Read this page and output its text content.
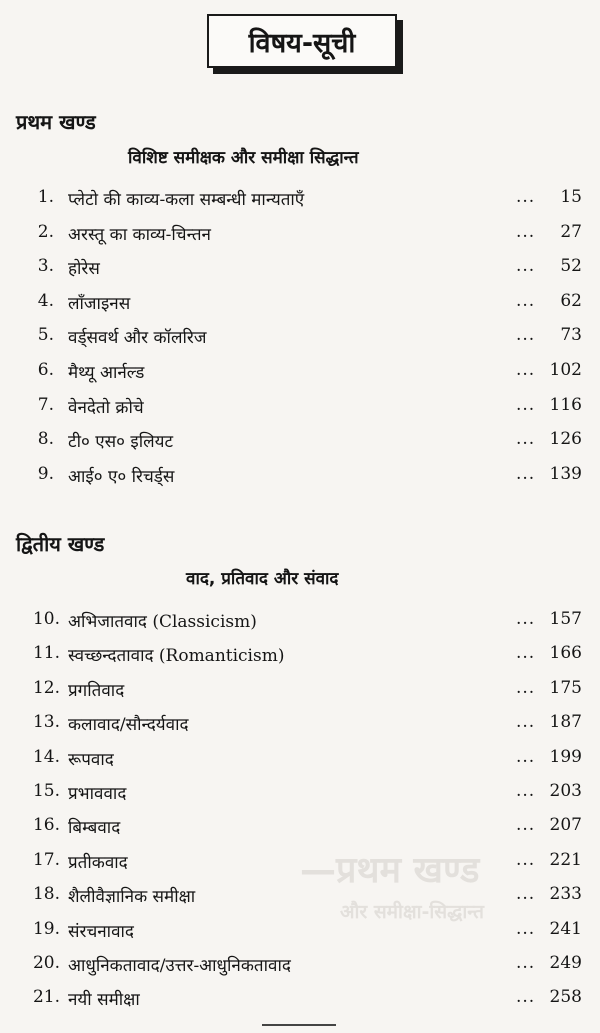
विषय-सूची
प्रथम खण्ड
विशिष्ट समीक्षक और समीक्षा सिद्धान्त
1. प्लेटो की काव्य-कला सम्बन्धी मान्यताएँ	... 15
2. अरस्तू का काव्य-चिन्तन	... 27
3. होरेस	... 52
4. लाँजाइनस	... 62
5. वर्ड्सवर्थ और कॉलरिज	... 73
6. मैथ्यू आर्नल्ड	... 102
7. वेनदेतो क्रोचे	... 116
8. टी० एस० इलियट	... 126
9. आई० ए० रिचर्ड्स	... 139
द्वितीय खण्ड
वाद, प्रतिवाद और संवाद
—प्रथम खण्ड
और समीक्षा-सिद्धान्त
10. अभिजातवाद (Classicism)	... 157
11. स्वच्छन्दतावाद (Romanticism)	... 166
12. प्रगतिवाद	... 175
13. कलावाद/सौन्दर्यवाद	... 187
14. रूपवाद	... 199
15. प्रभाववाद	... 203
16. बिम्बवाद	... 207
17. प्रतीकवाद	... 221
18. शैलीवैज्ञानिक समीक्षा	... 233
19. संरचनावाद	... 241
20. आधुनिकतावाद/उत्तर-आधुनिकतावाद	... 249
21. नयी समीक्षा	... 258
